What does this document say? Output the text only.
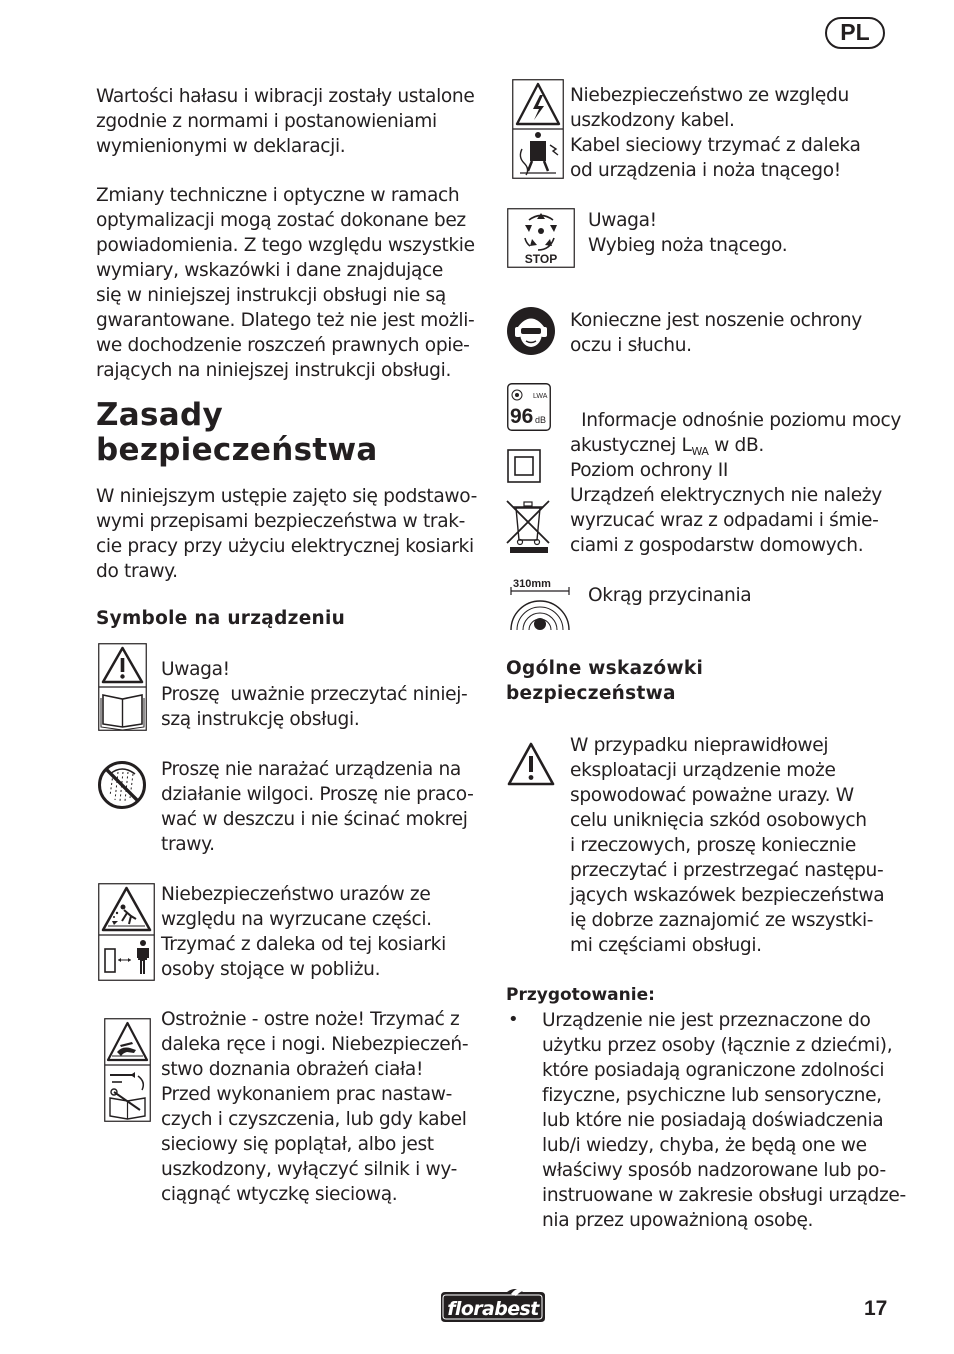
PL
Wartości hałasu i wibracji zostały ustalone
zgodnie z normami i postanowieniami
wymienionymi w deklaracji.
Zmiany techniczne i optyczne w ramach
optymalizacji mogą zostać dokonane bez
powiadomienia. Z tego względu wszystkie
wymiary, wskazówki i dane znajdujące
się w niniejszej instrukcji obsługi nie są
gwarantowane. Dlatego też nie jest możli-
we dochodzenie roszczeń prawnych opie-
rających na niniejszej instrukcji obsługi.
Zasady
bezpieczeństwa
W niniejszym ustępie zajęto się podstawo-
wymi przepisami bezpieczeństwa w trak-
cie pracy przy użyciu elektrycznej kosiarki
do trawy.
Symbole na urządzeniu
Uwaga!
Proszę  uważnie przeczytać niniej-
szą instrukcję obsługi.
Proszę nie narażać urządzenia na
działanie wilgoci. Proszę nie praco-
wać w deszczu i nie ścinać mokrej
trawy.
Niebezpieczeństwo urazów ze
względu na wyrzucane części.
Trzymać z daleka od tej kosiarki
osoby stojące w pobliżu.
Ostrożnie - ostre noże! Trzymać z
daleka ręce i nogi. Niebezpieczeń-
stwo doznania obrażeń ciała!
Przed wykonaniem prac nastaw-
czych i czyszczenia, lub gdy kabel
sieciowy się poplątał, albo jest
uszkodzony, wyłączyć silnik i wy-
ciągnąć wtyczkę sieciową.
Niebezpieczeństwo ze względu
uszkodzony kabel.
Kabel sieciowy trzymać z daleka
od urządzenia i noża tnącego!
STOP
Uwaga!
Wybieg noża tnącego.
Konieczne jest noszenie ochrony
oczu i słuchu.
LWA
96 dB	Informacje odnośnie poziomu mocy
akustycznej $L_{WA}$ w dB.

Poziom ochrony II
Urządzeń elektrycznych nie należy
wyrzucać wraz z odpadami i śmie-
ciami z gospodarstw domowych.
310mm
Okrąg przycinania
Ogólne wskazówki
bezpieczeństwa
W przypadku nieprawidłowej
eksploatacji urządzenie może
spowodować poważne urazy. W
celu uniknięcia szkód osobowych
i rzeczowych, proszę koniecznie
przeczytać i przestrzegać następu-
jących wskazówek bezpieczeństwa
ię dobrze zaznajomić ze wszystki-
mi częściami obsługi.
Przygotowanie:
• Urządzenie nie jest przeznaczone do
użytku przez osoby (łącznie z dziećmi),
które posiadają ograniczone zdolności
fizyczne, psychiczne lub sensoryczne,
lub które nie posiadają doświadczenia
lub/i wiedzy, chyba, że będą one we
właściwy sposób nadzorowane lub po-
instruowane w zakresie obsługi urządze-
nia przez upoważnioną osobę.
florabest	17
